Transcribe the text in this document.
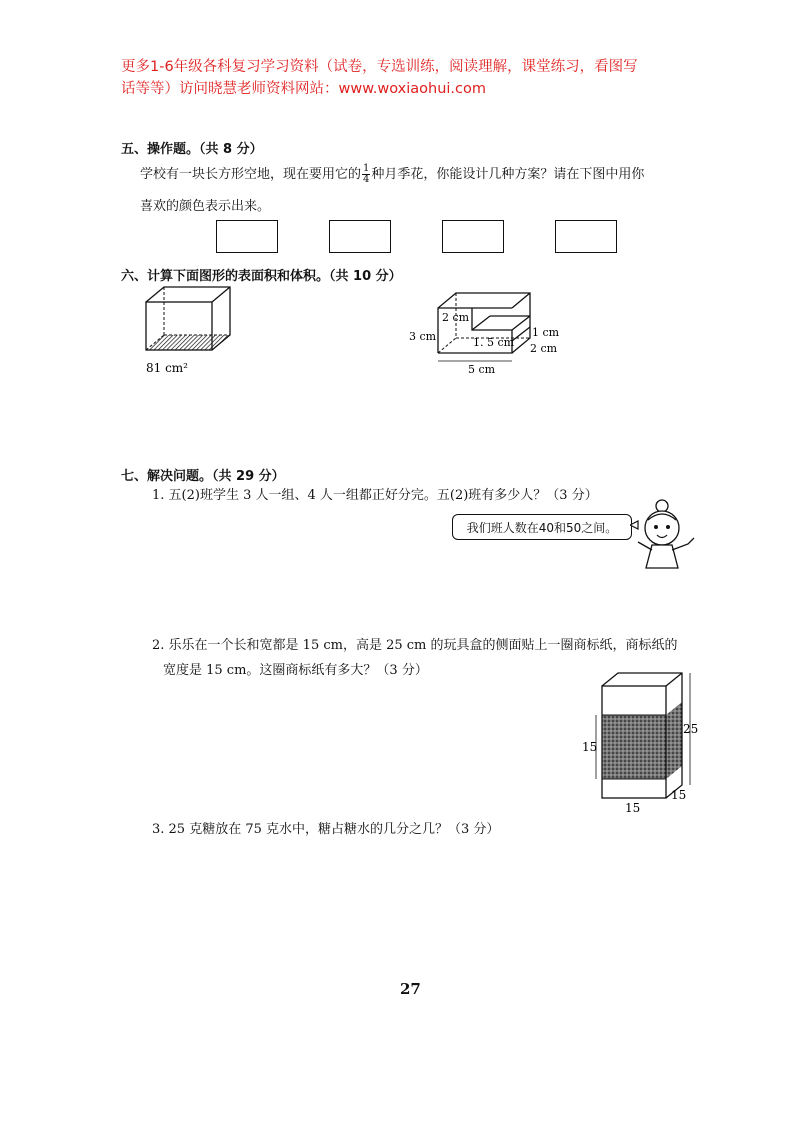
更多1-6年级各科复习学习资料（试卷，专选训练，阅读理解，课堂练习，看图写
话等等）访问晓慧老师资料网站：www.woxiaohui.com
五、操作题。（共 8 分）
学校有一块长方形空地，现在要用它的 $\frac{1}{4}$ 种月季花，你能设计几种方案？请在下图中用你
喜欢的颜色表示出来。
六、计算下面图形的表面积和体积。（共 10 分）
81 cm²
2 cm
3 cm	1 cm
1. 5 cm 2 cm
5 cm
七、解决问题。（共 29 分）
1. 五(2)班学生 3 人一组、4 人一组都正好分完。五(2)班有多少人？（3 分）
我们班人数在40和50之间。
2. 乐乐在一个长和宽都是 15 cm，高是 25 cm 的玩具盒的侧面贴上一圈商标纸，商标纸的
宽度是 15 cm。这圈商标纸有多大？（3 分）
15
25
15
15
3. 25 克糖放在 75 克水中，糖占糖水的几分之几？（3 分）
27
